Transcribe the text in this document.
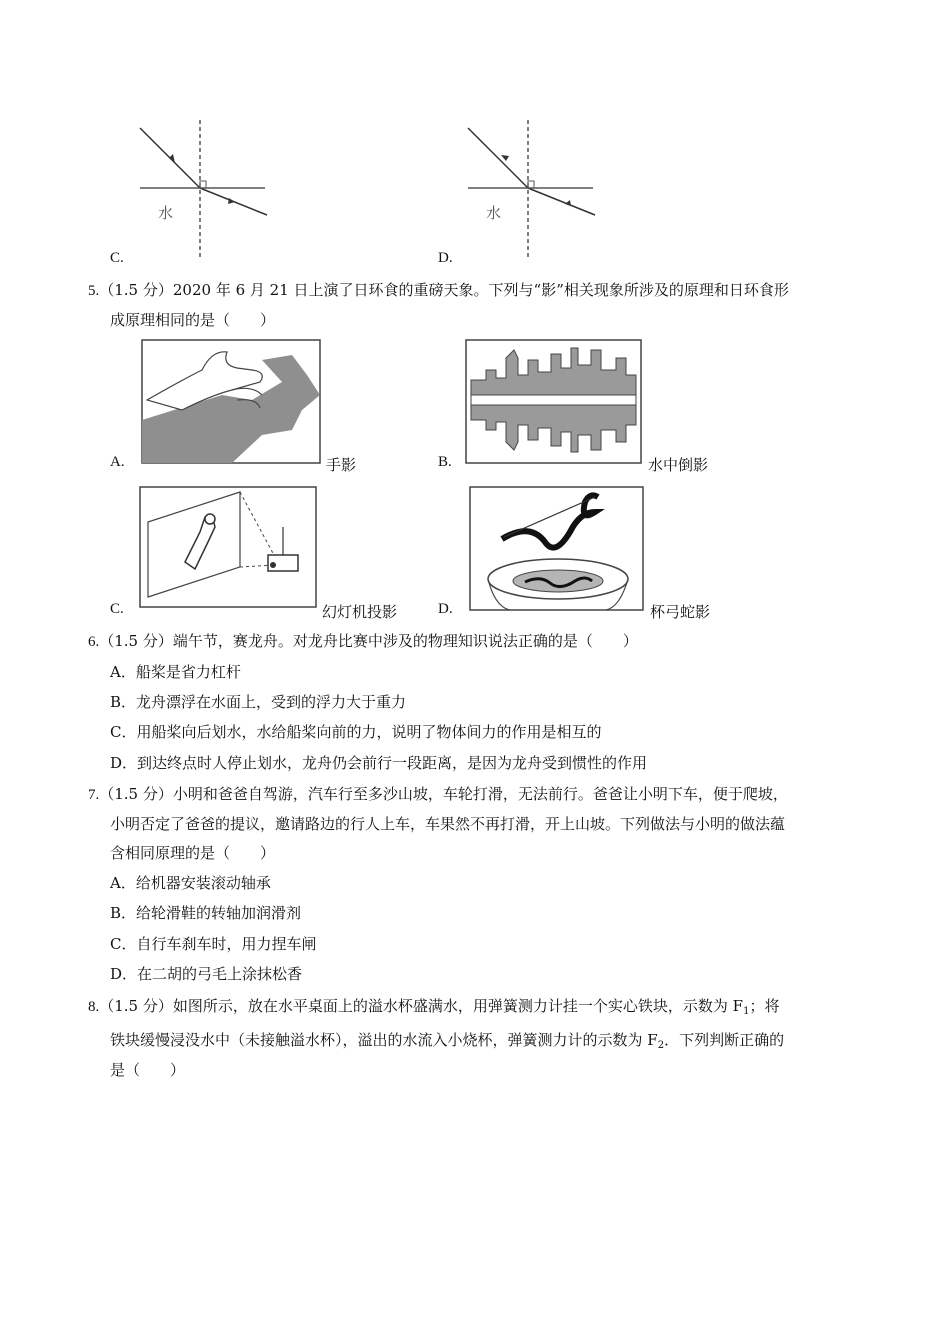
水
C.
水
D.
5.（1.5 分）2020 年 6 月 21 日上演了日环食的重磅天象。下列与“影”相关现象所涉及的原理和日环食形
成原理相同的是（　　）
A.	手影	B.	水中倒影
C.	幻灯机投影	D.	杯弓蛇影
6.（1.5 分）端午节，赛龙舟。对龙舟比赛中涉及的物理知识说法正确的是（　　）
A．船桨是省力杠杆
B．龙舟漂浮在水面上，受到的浮力大于重力
C．用船桨向后划水，水给船桨向前的力，说明了物体间力的作用是相互的
D．到达终点时人停止划水，龙舟仍会前行一段距离，是因为龙舟受到惯性的作用
7.（1.5 分）小明和爸爸自驾游，汽车行至多沙山坡，车轮打滑，无法前行。爸爸让小明下车，便于爬坡，
小明否定了爸爸的提议，邀请路边的行人上车，车果然不再打滑，开上山坡。下列做法与小明的做法蕴
含相同原理的是（　　）
A．给机器安装滚动轴承
B．给轮滑鞋的转轴加润滑剂
C．自行车刹车时，用力捏车闸
D．在二胡的弓毛上涂抹松香
8.（1.5 分）如图所示，放在水平桌面上的溢水杯盛满水，用弹簧测力计挂一个实心铁块，示数为 $F_1$；将
铁块缓慢浸没水中（未接触溢水杯），溢出的水流入小烧杯，弹簧测力计的示数为 $F_2$．下列判断正确的
是（　　）
